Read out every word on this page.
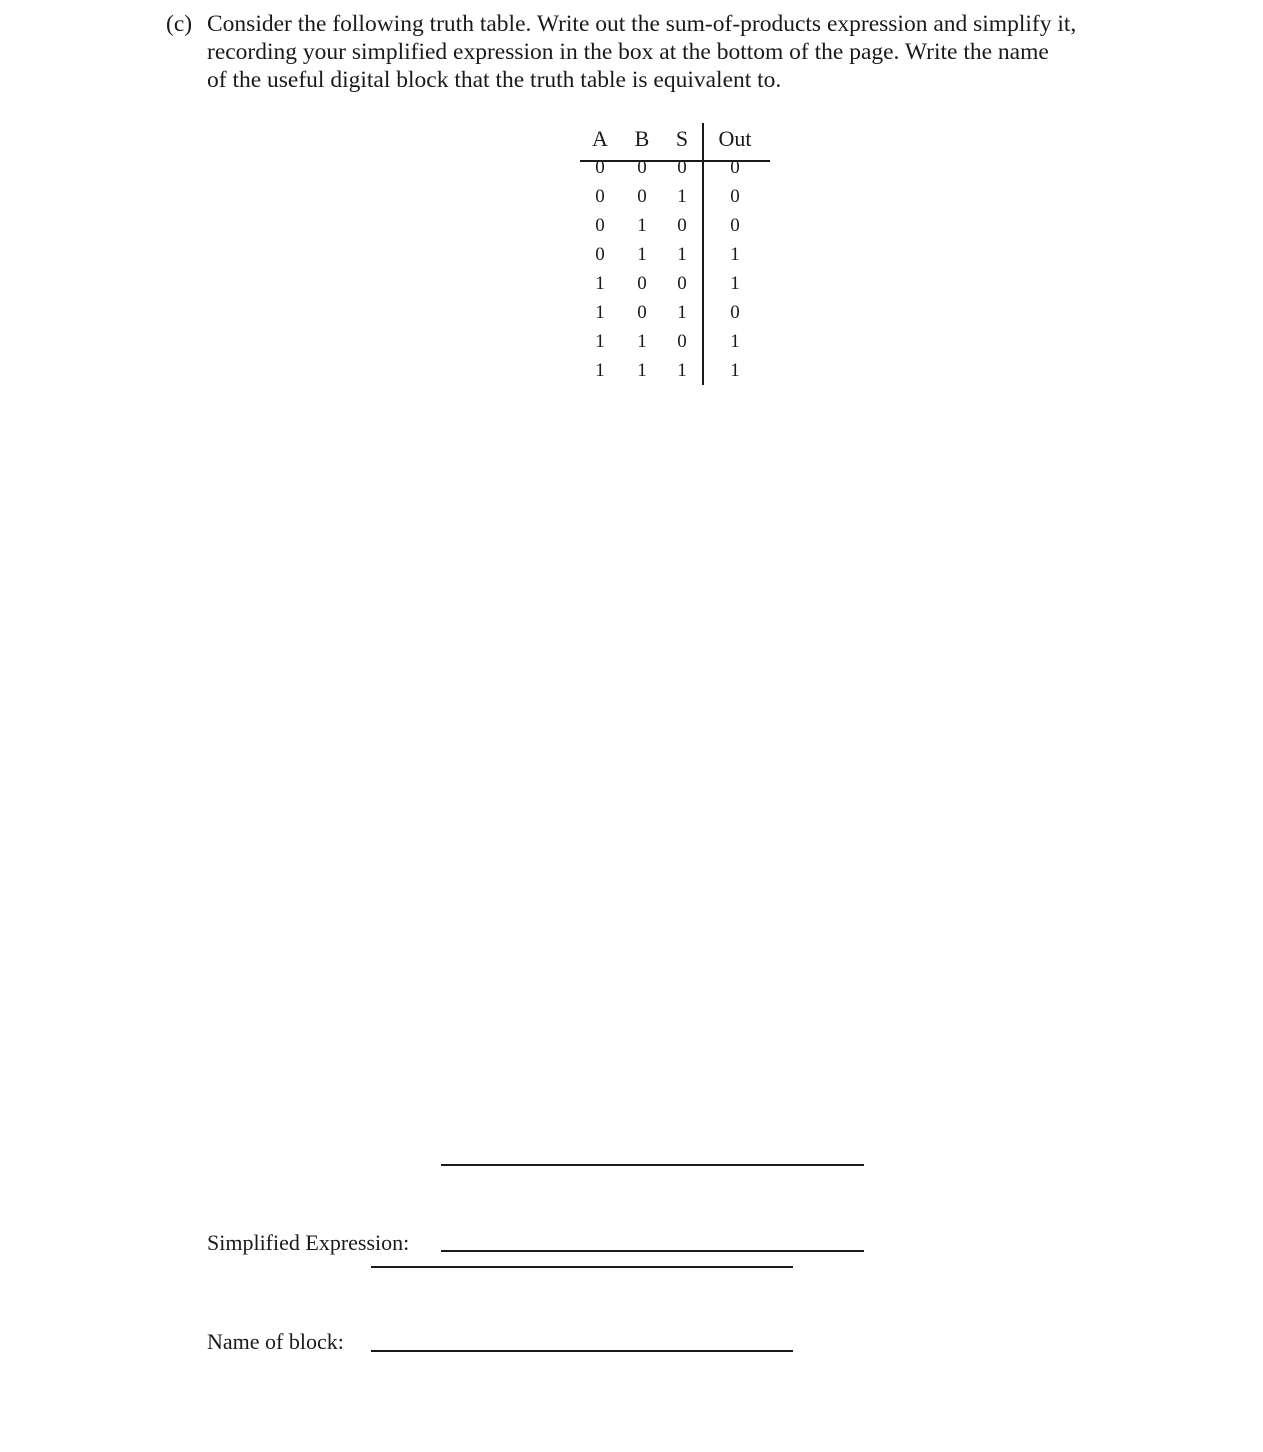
(c) Consider the following truth table. Write out the sum-of-products expression and simplify it,
recording your simplified expression in the box at the bottom of the page. Write the name
of the useful digital block that the truth table is equivalent to.
A	B	S	Out
0	0	0	0
0	0	1	0
0	1	0	0
0	1	1	1
1	0	0	1
1	0	1	0
1	1	0	1
1	1	1	1
Simplified Expression:
Name of block:
